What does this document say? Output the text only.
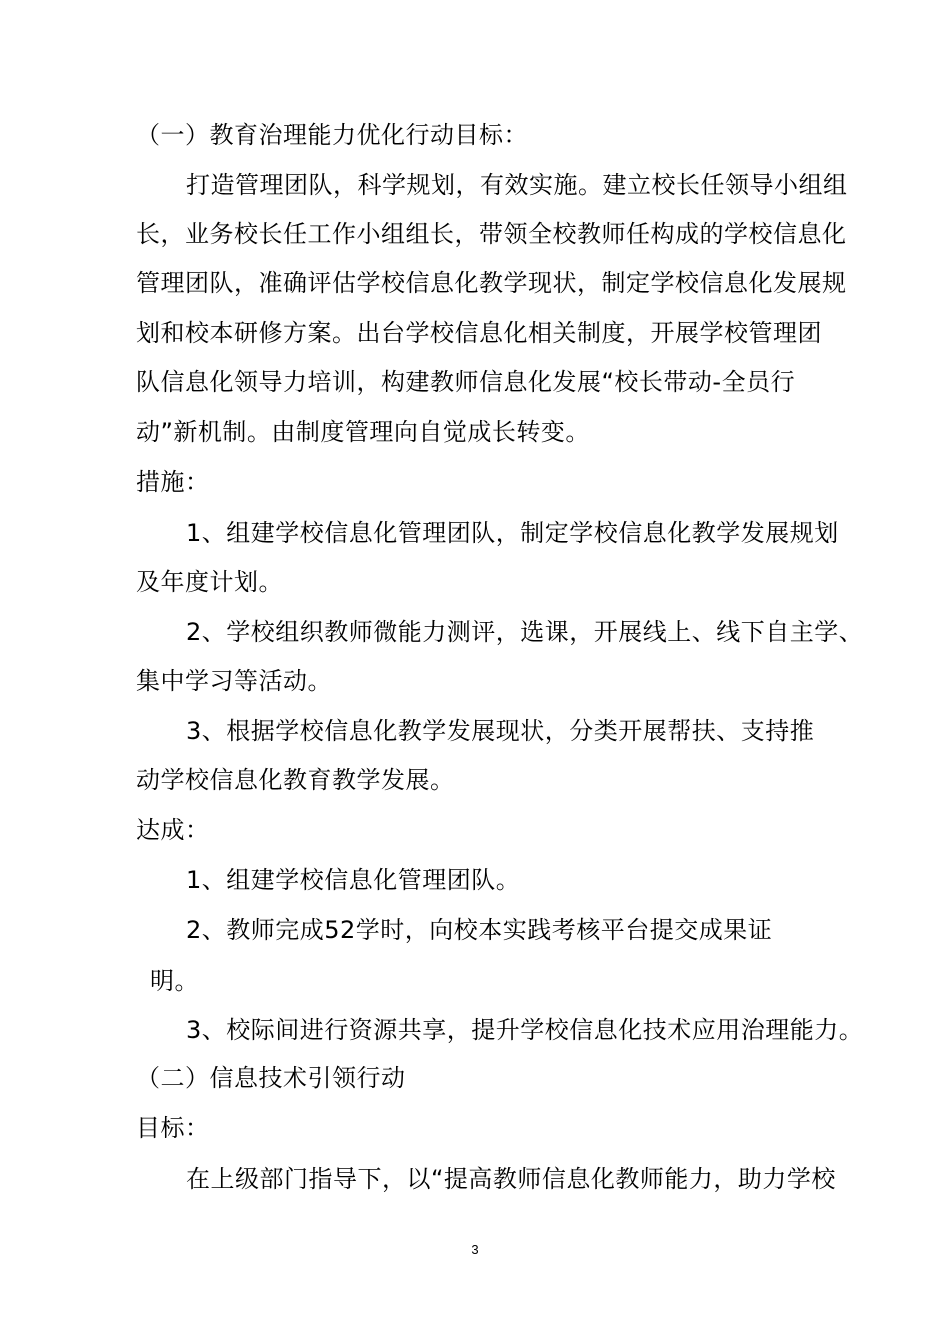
（一）教育治理能力优化行动目标：
打造管理团队，科学规划，有效实施。建立校长任领导小组组
长，业务校长任工作小组组长，带领全校教师任构成的学校信息化
管理团队，准确评估学校信息化教学现状，制定学校信息化发展规
划和校本研修方案。出台学校信息化相关制度，开展学校管理团
队信息化领导力培训，构建教师信息化发展“校长带动-全员行
动”新机制。由制度管理向自觉成长转变。
措施：
1、组建学校信息化管理团队，制定学校信息化教学发展规划
及年度计划。
2、学校组织教师微能力测评，选课，开展线上、线下自主学、
集中学习等活动。
3、根据学校信息化教学发展现状，分类开展帮扶、支持推
动学校信息化教育教学发展。
达成：
1、组建学校信息化管理团队。
2、教师完成52学时，向校本实践考核平台提交成果证
明。
3、校际间进行资源共享，提升学校信息化技术应用治理能力。
（二）信息技术引领行动
目标：
在上级部门指导下，以“提高教师信息化教师能力，助力学校
3
